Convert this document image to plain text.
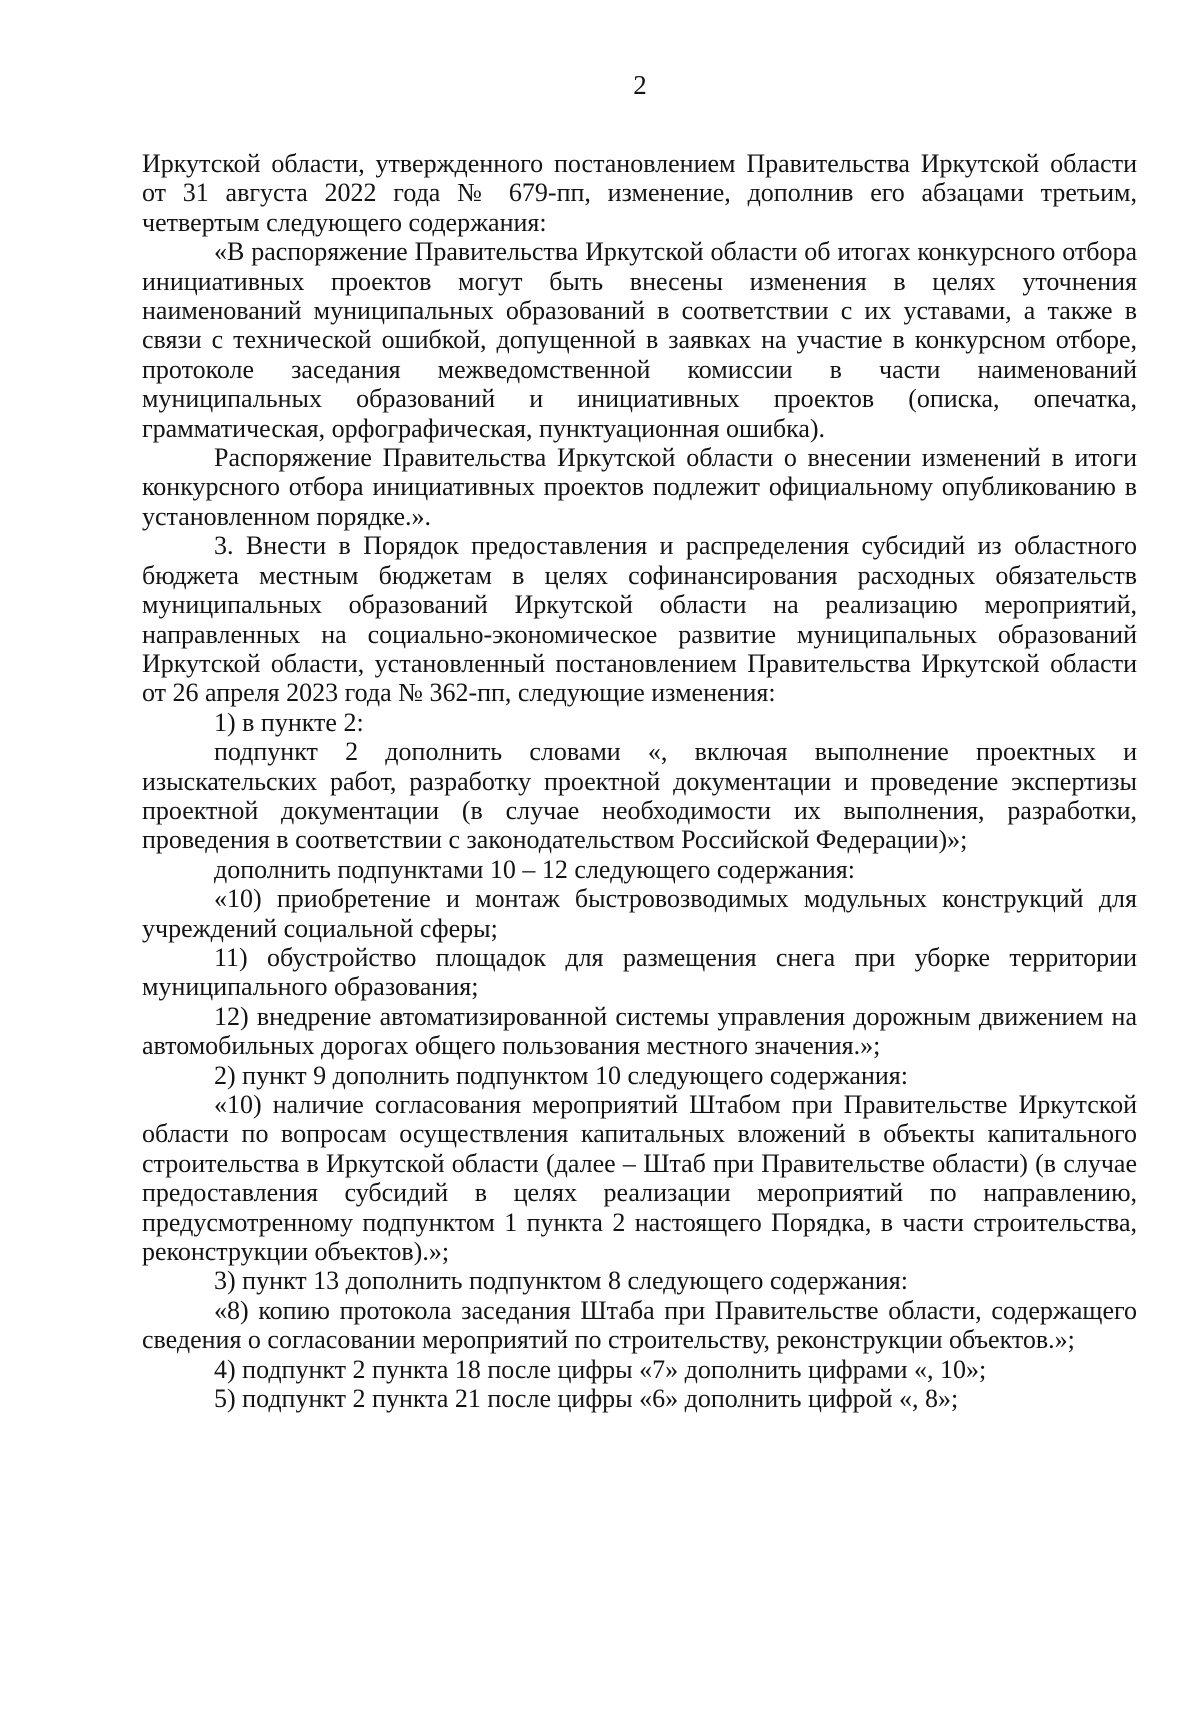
2

Иркутской области, утвержденного постановлением Правительства Иркутской области от 31 августа 2022 года № 679-пп, изменение, дополнив его абзацами третьим, четвертым следующего содержания:

«В распоряжение Правительства Иркутской области об итогах конкурсного отбора инициативных проектов могут быть внесены изменения в целях уточнения наименований муниципальных образований в соответствии с их уставами, а также в связи с технической ошибкой, допущенной в заявках на участие в конкурсном отборе, протоколе заседания межведомственной комиссии в части наименований муниципальных образований и инициативных проектов (описка, опечатка, грамматическая, орфографическая, пунктуационная ошибка).

Распоряжение Правительства Иркутской области о внесении изменений в итоги конкурсного отбора инициативных проектов подлежит официальному опубликованию в установленном порядке.».

3. Внести в Порядок предоставления и распределения субсидий из областного бюджета местным бюджетам в целях софинансирования расходных обязательств муниципальных образований Иркутской области на реализацию мероприятий, направленных на социально-экономическое развитие муниципальных образований Иркутской области, установленный постановлением Правительства Иркутской области от 26 апреля 2023 года № 362-пп, следующие изменения:

1) в пункте 2:

подпункт 2 дополнить словами «, включая выполнение проектных и изыскательских работ, разработку проектной документации и проведение экспертизы проектной документации (в случае необходимости их выполнения, разработки, проведения в соответствии с законодательством Российской Федерации)»;

дополнить подпунктами 10 – 12 следующего содержания:

«10) приобретение и монтаж быстровозводимых модульных конструкций для учреждений социальной сферы;

11) обустройство площадок для размещения снега при уборке территории муниципального образования;

12) внедрение автоматизированной системы управления дорожным движением на автомобильных дорогах общего пользования местного значения.»;

2) пункт 9 дополнить подпунктом 10 следующего содержания:

«10) наличие согласования мероприятий Штабом при Правительстве Иркутской области по вопросам осуществления капитальных вложений в объекты капитального строительства в Иркутской области (далее – Штаб при Правительстве области) (в случае предоставления субсидий в целях реализации мероприятий по направлению, предусмотренному подпунктом 1 пункта 2 настоящего Порядка, в части строительства, реконструкции объектов).»;

3) пункт 13 дополнить подпунктом 8 следующего содержания:

«8) копию протокола заседания Штаба при Правительстве области, содержащего сведения о согласовании мероприятий по строительству, реконструкции объектов.»;

4) подпункт 2 пункта 18 после цифры «7» дополнить цифрами «, 10»;

5) подпункт 2 пункта 21 после цифры «6» дополнить цифрой «, 8»;
